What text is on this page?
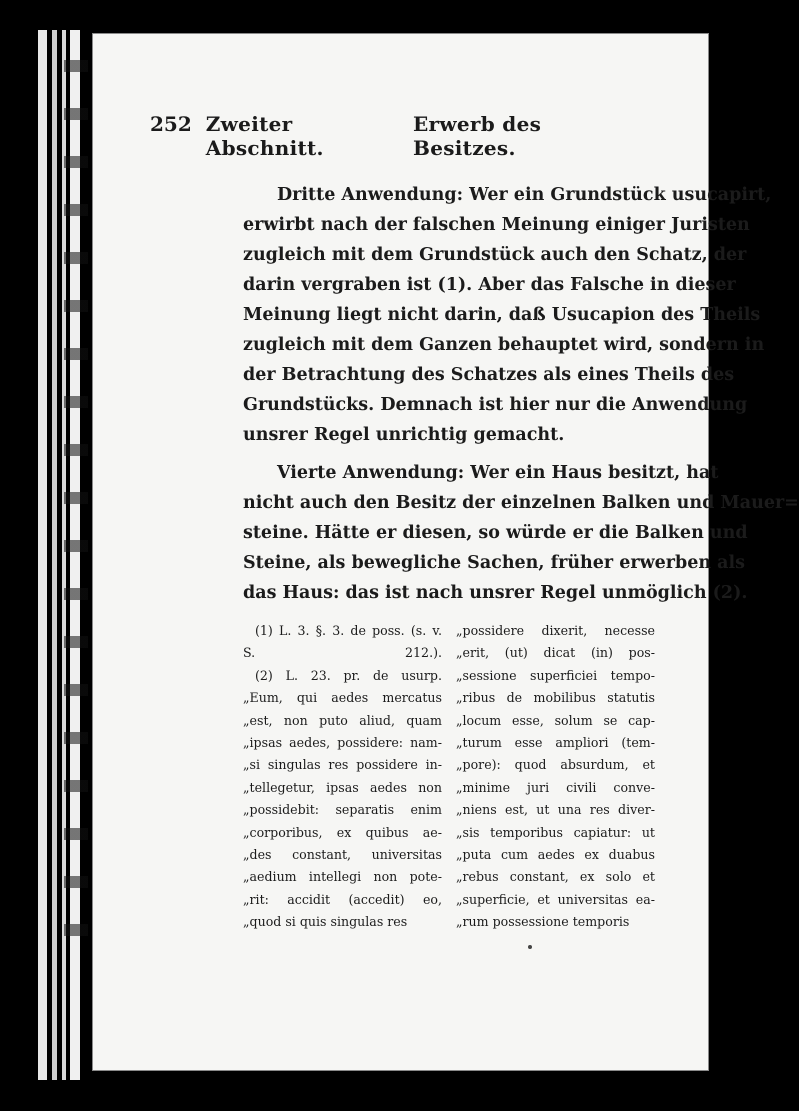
252 Zweiter Abschnitt.
Erwerb des Besitzes.
Dritte Anwendung: Wer ein Grundstück usucapirt,
erwirbt nach der falschen Meinung einiger Juristen
zugleich mit dem Grundstück auch den Schatz, der
darin vergraben ist (1). Aber das Falsche in dieser
Meinung liegt nicht darin, daß Usucapion des Theils
zugleich mit dem Ganzen behauptet wird, sondern in
der Betrachtung des Schatzes als eines Theils des
Grundstücks. Demnach ist hier nur die Anwendung
unsrer Regel unrichtig gemacht.
Vierte Anwendung: Wer ein Haus besitzt, hat
nicht auch den Besitz der einzelnen Balken und Mauer=
steine. Hätte er diesen, so würde er die Balken und
Steine, als bewegliche Sachen, früher erwerben als
das Haus: das ist nach unsrer Regel unmöglich (2).
(1) L. 3. §. 3. de poss. (s. v.
S. 212.).
(2) L. 23. pr. de usurp.
„Eum, qui aedes mercatus
„est, non puto aliud, quam
„ipsas aedes, possidere: nam-
„si singulas res possidere in-
„tellegetur, ipsas aedes non
„possidebit: separatis enim
„corporibus, ex quibus ae-
„des constant, universitas
„aedium intellegi non pote-
„rit: accidit (accedit) eo,
„quod si quis singulas res
„possidere dixerit, necesse
„erit, (ut) dicat (in) pos-
„sessione superficiei tempo-
„ribus de mobilibus statutis
„locum esse, solum se cap-
„turum esse ampliori (tem-
„pore): quod absurdum, et
„minime juri civili conve-
„niens est, ut una res diver-
„sis temporibus capiatur: ut
„puta cum aedes ex duabus
„rebus constant, ex solo et
„superficie, et universitas ea-
„rum possessione temporis
